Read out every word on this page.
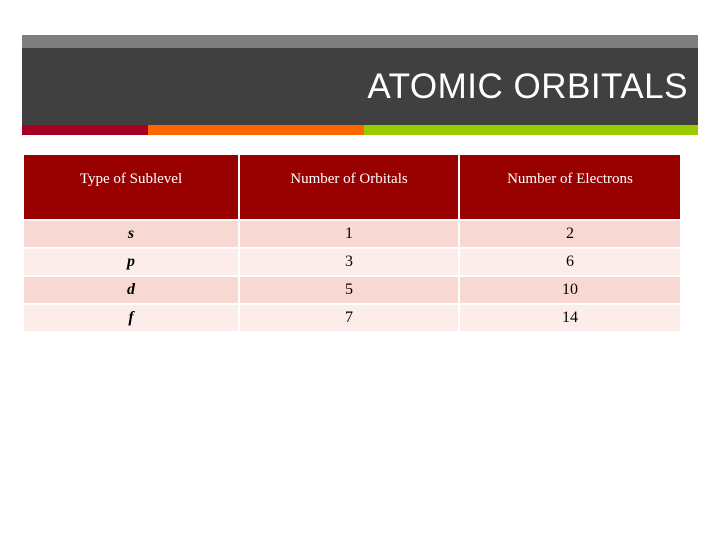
ATOMIC ORBITALS
Type of Sublevel	Number of Orbitals	Number of Electrons
s	1	2
p	3	6
d	5	10
f	7	14
